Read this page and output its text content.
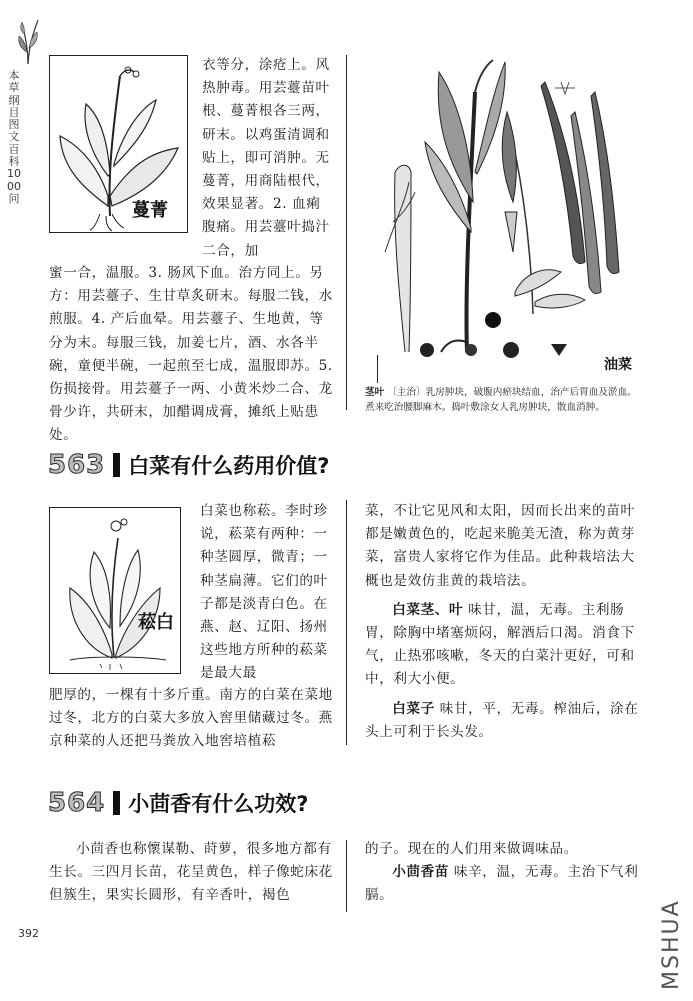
本草纲目图文百科1000问
蔓菁
衣等分，涂疮上。风热肿毒。用芸薹苗叶根、蔓菁根各三两，研末。以鸡蛋清调和贴上，即可消肿。无蔓菁，用商陆根代，效果显著。2. 血痢腹痛。用芸薹叶捣汁二合，加
蜜一合，温服。3. 肠风下血。治方同上。另方：用芸薹子、生甘草炙研末。每服二钱，水煎服。4. 产后血晕。用芸薹子、生地黄，等分为末。每服三钱，加姜七片，酒、水各半碗，童便半碗，一起煎至七成，温服即苏。5. 伤损接骨。用芸薹子一两、小黄米炒二合、龙骨少许，共研末，加醋调成膏，摊纸上贴患处。
油菜
茎叶 〔主治〕乳房肿块，破腹内瘀块结血，治产后胃血及淤血。煮来吃治腰脚麻木。捣叶敷涂女人乳房肿块，散血消肿。
563 白菜有什么药用价值?
菘白
白菜也称菘。李时珍说，菘菜有两种：一种茎圆厚，微青；一种茎扁薄。它们的叶子都是淡青白色。在燕、赵、辽阳、扬州这些地方所种的菘菜是最大最
肥厚的，一棵有十多斤重。南方的白菜在菜地过冬，北方的白菜大多放入窖里储藏过冬。燕京种菜的人还把马粪放入地窖培植菘

菜，不让它见风和太阳，因而长出来的苗叶都是嫩黄色的，吃起来脆美无渣，称为黄芽菜，富贵人家将它作为佳品。此种栽培法大概也是效仿韭黄的栽培法。

白菜茎、叶 味甘，温，无毒。主利肠胃，除胸中堵塞烦闷，解酒后口渴。消食下气，止热邪咳嗽，冬天的白菜汁更好，可和中，利大小便。

白菜子 味甘，平，无毒。榨油后，涂在头上可利于长头发。

564 小茴香有什么功效?
小茴香也称懷谋勒、莳萝，很多地方都有生长。三四月长苗，花呈黄色，样子像蛇床花但簇生，果实长圆形，有辛香叶，褐色

的子。现在的人们用来做调味品。

小茴香苗 味辛，温，无毒。主治下气利膈。

392	MSHUA
